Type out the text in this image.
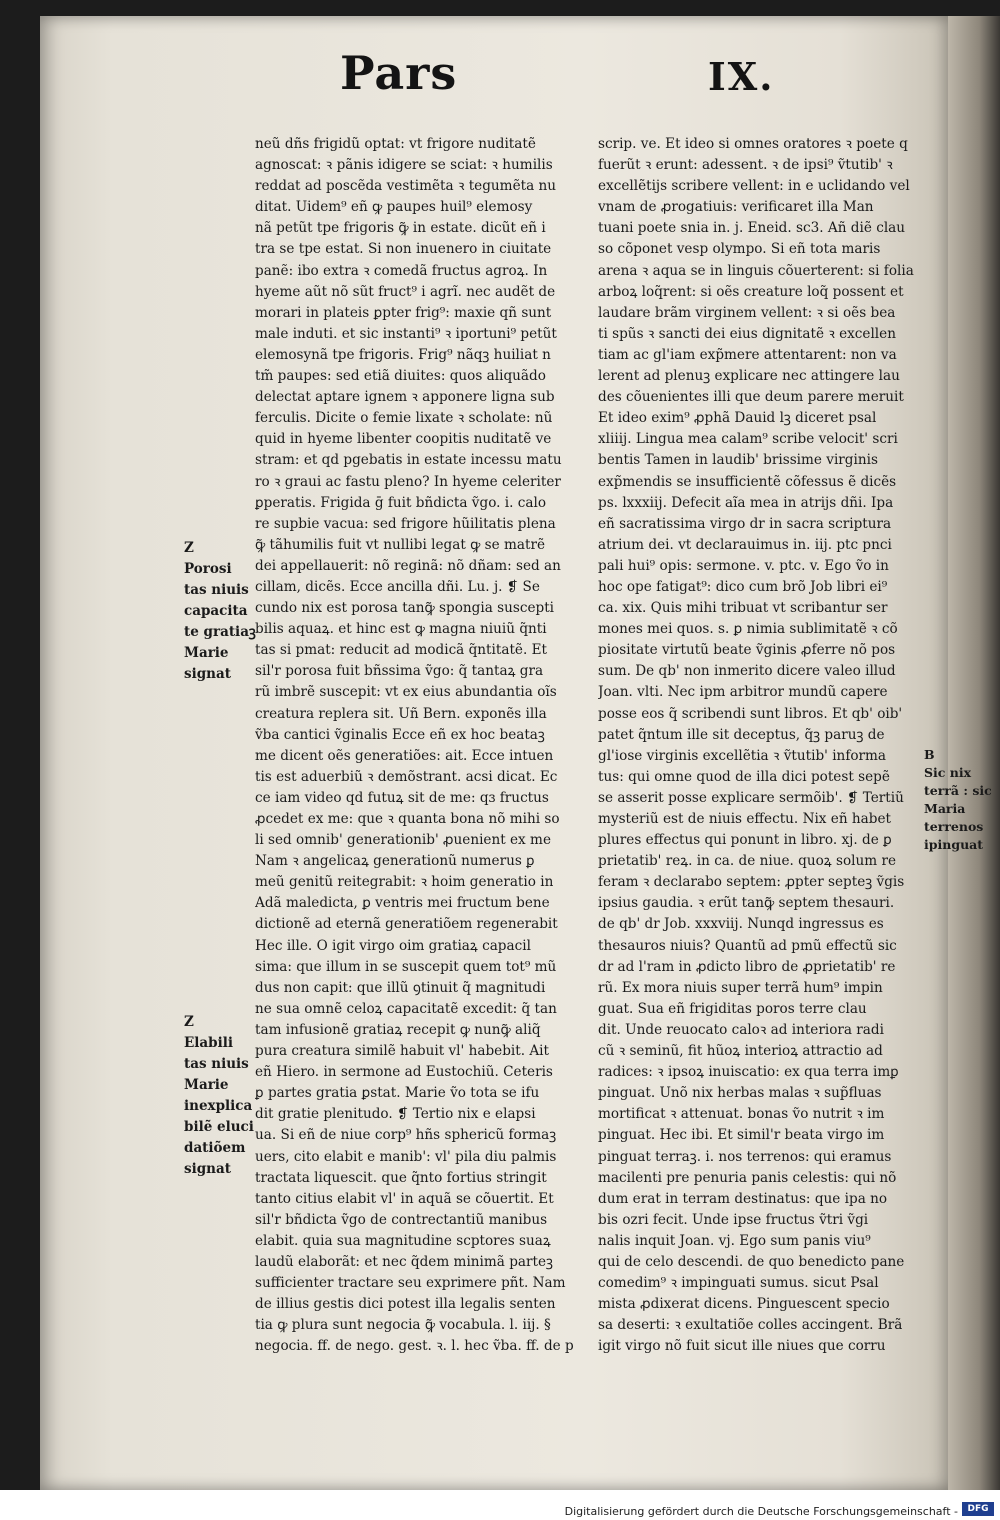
Pars	IX.
neũ dñs frigidũ optat: vt frigore nuditatẽ
agnoscat: ꝛ pãnis idigere se sciat: ꝛ humilis
reddat ad poscẽda vestimẽta ꝛ tegumẽta nu
ditat. Uidem⁹ eñ ꝙ paupes huil⁹ elemosy
nã petũt tpe frigoris ꝙ̃ in estate. dicũt eñ i
tra se tpe estat. Si non inuenero in ciuitate
panẽ: ibo extra ꝛ comedã fructus agroꝝ. In
hyeme aũt nõ sũt fruct⁹ i agrĩ. nec audẽt de
morari in plateis ꝑpter frig⁹: maxie qñ sunt
male induti. et sic instanti⁹ ꝛ iportuni⁹ petũt
elemosynã tpe frigoris. Frig⁹ nãqꝫ huiliat n
tm̃ paupes: sed etiã diuites: quos aliquãdo
delectat aptare ignem ꝛ apponere ligna sub
ferculis. Dicite o femie lixate ꝛ scholate: nũ
quid in hyeme libenter coopitis nuditatẽ ve
stram: et qd pgebatis in estate incessu matu
ro ꝛ graui ac fastu pleno? In hyeme celeriter
ꝑperatis. Frigida ḡ fuit bñdicta ṽgo. i. calo
re supbie vacua: sed frigore hũilitatis plena
ꝙ̃ tãhumilis fuit vt nullibi legat ꝙ se matrẽ
dei appellauerit: nõ reginã: nõ dñam: sed an
cillam, dicẽs. Ecce ancilla dñi. Lu. j. ❡ Se
cundo nix est porosa tanꝙ̃ spongia suscepti
bilis aquaꝝ. et hinc est ꝙ magna niuiũ q̃nti
tas si pmat: reducit ad modicã q̃ntitatẽ. Et
sil'r porosa fuit bñssima ṽgo: q̃ tantaꝝ gra
rũ imbrẽ suscepit: vt ex eius abundantia oĩs
creatura replera sit. Uñ Bern. exponẽs illa
ṽba cantici ṽginalis Ecce eñ ex hoc beataꝫ
me dicent oẽs generatiões: ait. Ecce intuen
tis est aduerbiũ ꝛ demõstrant. acsi dicat. Ec
ce iam video qd futuꝝ sit de me: qɜ fructus
ꝓcedet ex me: que ꝛ quanta bona nõ mihi so
li sed omnib' generationib' ꝓuenient ex me
Nam ꝛ angelicaꝝ generationũ numerus ꝑ
meũ genitũ reitegrabit: ꝛ hoim generatio in
Adã maledicta, ꝑ ventris mei fructum bene
dictionẽ ad eternã generatiõem regenerabit
Hec ille. O igit virgo oim gratiaꝝ capacil
sima: que illum in se suscepit quem tot⁹ mũ
dus non capit: que illũ ꝯtinuit q̃ magnitudi
ne sua omnẽ celoꝝ capacitatẽ excedit: q̃ tan
tam infusionẽ gratiaꝝ recepit ꝙ nunꝙ̃ aliq̃
pura creatura similẽ habuit vl' habebit. Ait
eñ Hiero. in sermone ad Eustochiũ. Ceteris
ꝑ partes gratia ꝑstat. Marie ṽo tota se ifu
dit gratie plenitudo. ❡ Tertio nix e elapsi
ua. Si eñ de niue corp⁹ hñs sphericũ formaꝫ
uers, cito elabit e manib': vl' pila diu palmis
tractata liquescit. que q̃nto fortius stringit
tanto citius elabit vl' in aquã se cõuertit. Et
sil'r bñdicta ṽgo de contrectantiũ manibus
elabit. quia sua magnitudine scptores suaꝝ
laudũ elaborãt: et nec q̃dem minimã parteꝫ
sufficienter tractare seu exprimere pñt. Nam
de illius gestis dici potest illa legalis senten
tia ꝙ plura sunt negocia ꝙ̃ vocabula. l. iij. §
negocia. ff. de nego. gest. ꝛ. l. hec ṽba. ff. de p
scrip. ve. Et ideo si omnes oratores ꝛ poete q
fuerũt ꝛ erunt: adessent. ꝛ de ipsi⁹ ṽtutib' ꝛ
excellẽtijs scribere vellent: in e uclidando vel
vnam de ꝓrogatiuis: verificaret illa Man
tuani poete snia in. j. Eneid. sc3. Añ diẽ clau
so cõponet vesp olympo. Si eñ tota maris
arena ꝛ aqua se in linguis cõuerterent: si folia
arboꝝ loq̃rent: si oẽs creature loq̃ possent et
laudare brãm virginem vellent: ꝛ si oẽs bea
ti spũs ꝛ sancti dei eius dignitatẽ ꝛ excellen
tiam ac gl'iam exp̃mere attentarent: non va
lerent ad plenuꝫ explicare nec attingere lau
des cõuenientes illi que deum parere meruit
Et ideo exim⁹ ꝓphã Dauid lꝫ diceret psal
xliiij. Lingua mea calam⁹ scribe velocit' scri
bentis Tamen in laudib' brissime virginis
exp̃mendis se insufficientẽ cõfessus ẽ dicẽs
ps. lxxxiij. Defecit aĩa mea in atrijs dñi. Ipa
eñ sacratissima virgo dr in sacra scriptura
atrium dei. vt declarauimus in. iij. ptc pnci
pali hui⁹ opis: sermone. v. ptc. v. Ego ṽo in
hoc ope fatigat⁹: dico cum brõ Job libri ei⁹
ca. xix. Quis mihi tribuat vt scribantur ser
mones mei quos. s. ꝑ nimia sublimitatẽ ꝛ cõ
piositate virtutũ beate ṽginis ꝓferre nõ pos
sum. De qb' non inmerito dicere valeo illud
Joan. vlti. Nec ipm arbitror mundũ capere
posse eos q̃ scribendi sunt libros. Et qb' oib'
patet q̃ntum ille sit deceptus, q̃ꝫ paruꝫ de
gl'iose virginis excellẽtia ꝛ ṽtutib' informa
tus: qui omne quod de illa dici potest sepẽ
se asserit posse explicare sermõib'. ❡ Tertiũ
mysteriũ est de niuis effectu. Nix eñ habet
plures effectus qui ponunt in libro. xj. de ꝑ
prietatib' reꝝ. in ca. de niue. quoꝝ solum re
feram ꝛ declarabo septem: ꝓpter septeꝫ ṽgis
ipsius gaudia. ꝛ erũt tanꝙ̃ septem thesauri.
de qb' dr Job. xxxviij. Nunqd ingressus es
thesauros niuis? Quantũ ad pmũ effectũ sic
dr ad l'ram in ꝓdicto libro de ꝓprietatib' re
rũ. Ex mora niuis super terrã hum⁹ impin
guat. Sua eñ frigiditas poros terre clau
dit. Unde reuocato caloꝛ ad interiora radi
cũ ꝛ seminũ, fit hũoꝝ interioꝝ attractio ad
radices: ꝛ ipsoꝝ inuiscatio: ex qua terra imꝑ
pinguat. Unõ nix herbas malas ꝛ sup̃fluas
mortificat ꝛ attenuat. bonas ṽo nutrit ꝛ im
pinguat. Hec ibi. Et simil'r beata virgo im
pinguat terraꝫ. i. nos terrenos: qui eramus
macilenti pre penuria panis celestis: qui nõ
dum erat in terram destinatus: que ipa no
bis ozri fecit. Unde ipse fructus ṽtri ṽgi
nalis inquit Joan. vj. Ego sum panis viu⁹
qui de celo descendi. de quo benedicto pane
comedim⁹ ꝛ impinguati sumus. sicut Psal
mista ꝓdixerat dicens. Pinguescent specio
sa deserti: ꝛ exultatiõe colles accingent. Brã
igit virgo nõ fuit sicut ille niues que corru
Z
Porosi
tas niuis
capacita
te gratiaꝫ
Marie
signat
Z
Elabili
tas niuis
Marie
inexplica
bilẽ eluci
datiõem
signat
B
Sic nix
terrã : sic
Maria
terrenos
ipinguat
Digitalisierung gefördert durch die Deutsche Forschungsgemeinschaft -	DFG
